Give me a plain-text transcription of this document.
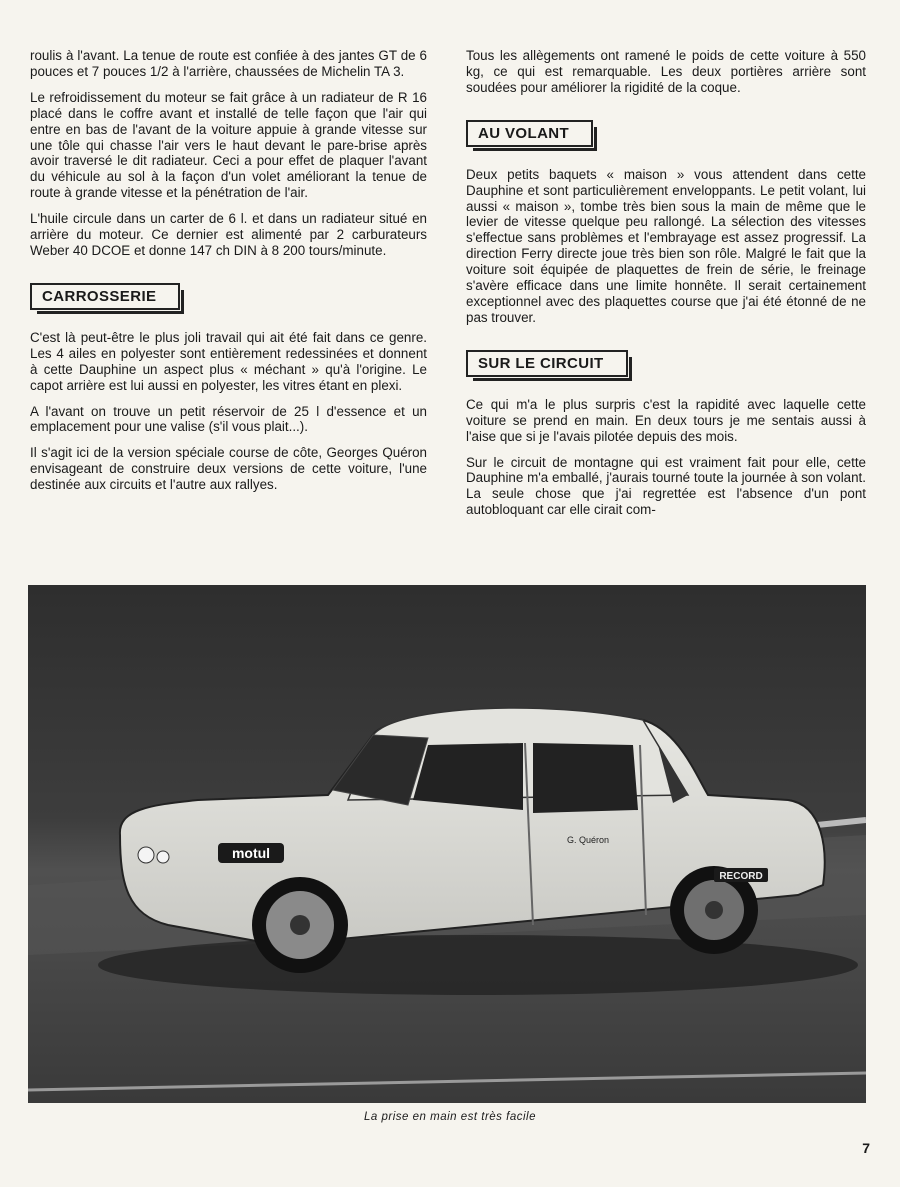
roulis à l'avant. La tenue de route est confiée à des jantes GT de 6 pouces et 7 pouces 1/2 à l'arrière, chaussées de Michelin TA 3.

Le refroidissement du moteur se fait grâce à un radiateur de R 16 placé dans le coffre avant et installé de telle façon que l'air qui entre en bas de l'avant de la voiture appuie à grande vitesse sur une tôle qui chasse l'air vers le haut devant le pare-brise après avoir traversé le dit radiateur. Ceci a pour effet de plaquer l'avant du véhicule au sol à la façon d'un volet améliorant la tenue de route à grande vitesse et la pénétration de l'air.

L'huile circule dans un carter de 6 l. et dans un radiateur situé en arrière du moteur. Ce dernier est alimenté par 2 carburateurs Weber 40 DCOE et donne 147 ch DIN à 8 200 tours/minute.

CARROSSERIE

C'est là peut-être le plus joli travail qui ait été fait dans ce genre. Les 4 ailes en polyester sont entièrement redessinées et donnent à cette Dauphine un aspect plus « méchant » qu'à l'origine. Le capot arrière est lui aussi en polyester, les vitres étant en plexi.

A l'avant on trouve un petit réservoir de 25 l d'essence et un emplacement pour une valise (s'il vous plait...).

Il s'agit ici de la version spéciale course de côte, Georges Quéron envisageant de construire deux versions de cette voiture, l'une destinée aux circuits et l'autre aux rallyes.

Tous les allègements ont ramené le poids de cette voiture à 550 kg, ce qui est remarquable. Les deux portières arrière sont soudées pour améliorer la rigidité de la coque.

AU VOLANT

Deux petits baquets « maison » vous attendent dans cette Dauphine et sont particulièrement enveloppants. Le petit volant, lui aussi « maison », tombe très bien sous la main de même que le levier de vitesse quelque peu rallongé. La sélection des vitesses s'effectue sans problèmes et l'embrayage est assez progressif. La direction Ferry directe joue très bien son rôle. Malgré le fait que la voiture soit équipée de plaquettes de frein de série, le freinage s'avère efficace dans une limite honnête. Il serait certainement exceptionnel avec des plaquettes course que j'ai été étonné de ne pas trouver.

SUR LE CIRCUIT

Ce qui m'a le plus surpris c'est la rapidité avec laquelle cette voiture se prend en main. En deux tours je me sentais aussi à l'aise que si je l'avais pilotée depuis des mois.

Sur le circuit de montagne qui est vraiment fait pour elle, cette Dauphine m'a emballé, j'aurais tourné toute la journée à son volant. La seule chose que j'ai regrettée est l'absence d'un pont autobloquant car elle cirait com-

motul
RECORD
G. Quéron
La prise en main est très facile
7
